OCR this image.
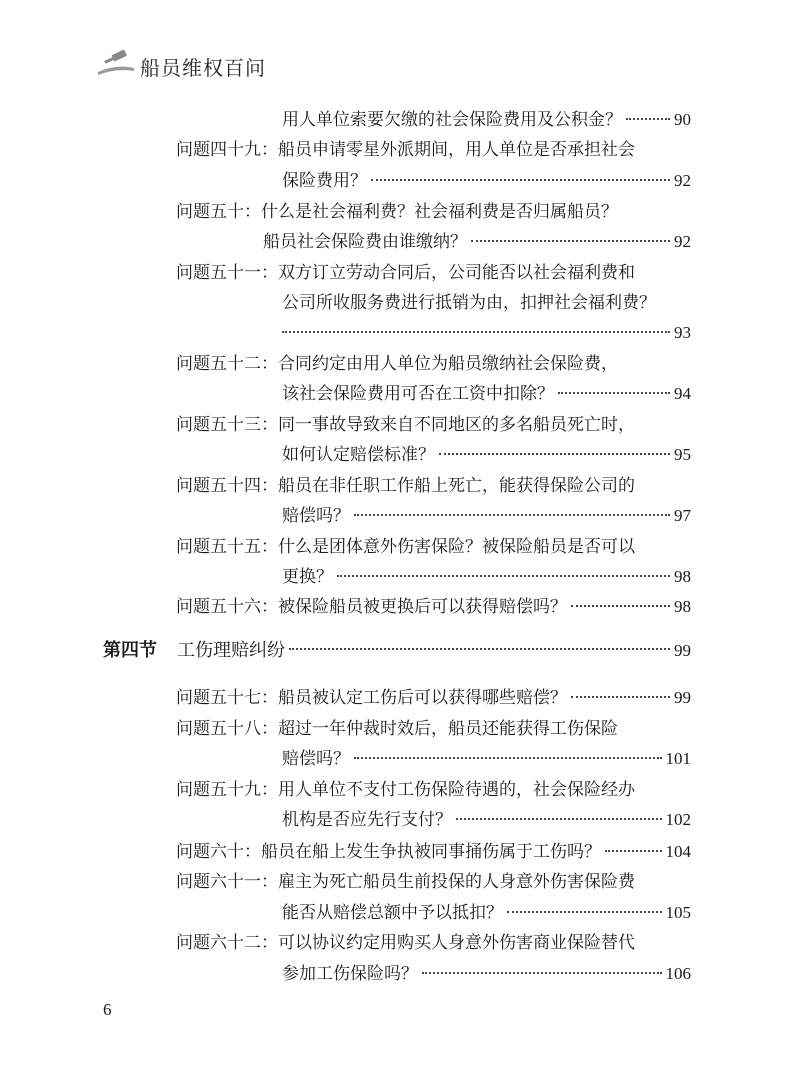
船员维权百问
用人单位索要欠缴的社会保险费用及公积金？	90
问题四十九： 船员申请零星外派期间，用人单位是否承担社会
保险费用？	92
问题五十： 什么是社会福利费？社会福利费是否归属船员？
船员社会保险费由谁缴纳？	92
问题五十一： 双方订立劳动合同后，公司能否以社会福利费和
公司所收服务费进行抵销为由，扣押社会福利费？
93
问题五十二： 合同约定由用人单位为船员缴纳社会保险费，
该社会保险费用可否在工资中扣除？	94
问题五十三： 同一事故导致来自不同地区的多名船员死亡时，
如何认定赔偿标准？	95
问题五十四： 船员在非任职工作船上死亡，能获得保险公司的
赔偿吗？	97
问题五十五： 什么是团体意外伤害保险？被保险船员是否可以
更换？	98
问题五十六： 被保险船员被更换后可以获得赔偿吗？	98
第四节	工伤理赔纠纷	99
问题五十七： 船员被认定工伤后可以获得哪些赔偿？	99
问题五十八： 超过一年仲裁时效后，船员还能获得工伤保险
赔偿吗？	101
问题五十九： 用人单位不支付工伤保险待遇的，社会保险经办
机构是否应先行支付？	102
问题六十： 船员在船上发生争执被同事捅伤属于工伤吗？	104
问题六十一： 雇主为死亡船员生前投保的人身意外伤害保险费
能否从赔偿总额中予以抵扣？	105
问题六十二： 可以协议约定用购买人身意外伤害商业保险替代
参加工伤保险吗？	106
6
